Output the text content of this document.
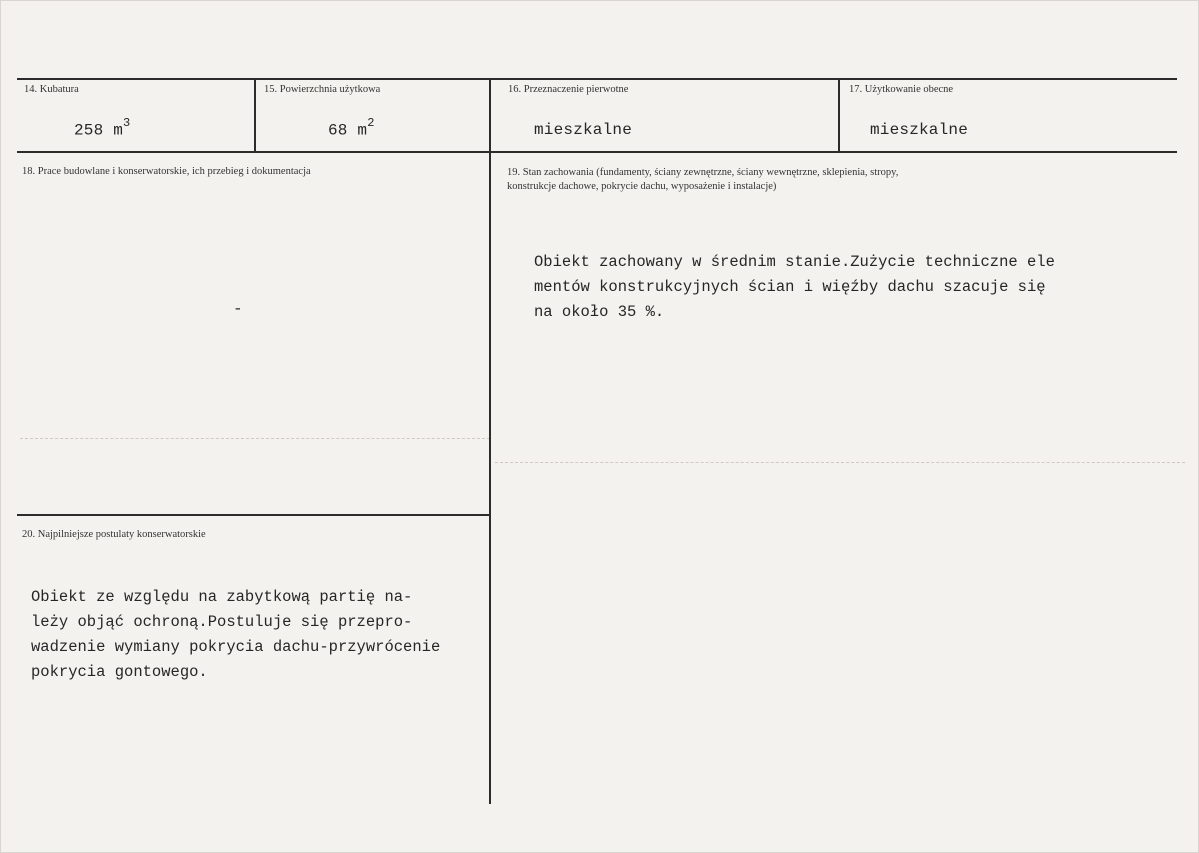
14. Kubatura
258 $m^3$
15. Powierzchnia użytkowa
68 $m^2$
16. Przeznaczenie pierwotne
mieszkalne
17. Użytkowanie obecne
mieszkalne
18. Prace budowlane i konserwatorskie, ich przebieg i dokumentacja
-
19. Stan zachowania (fundamenty, ściany zewnętrzne, ściany wewnętrzne, sklepienia, stropy,
konstrukcje dachowe, pokrycie dachu, wyposażenie i instalacje)
Obiekt zachowany w średnim stanie.Zużycie techniczne ele
mentów konstrukcyjnych ścian i więźby dachu szacuje się
na około 35 %.
20. Najpilniejsze postulaty konserwatorskie
Obiekt ze względu na zabytkową partię na-
leży objąć ochroną.Postuluje się przepro-
wadzenie wymiany pokrycia dachu-przywrócenie
pokrycia gontowego.
